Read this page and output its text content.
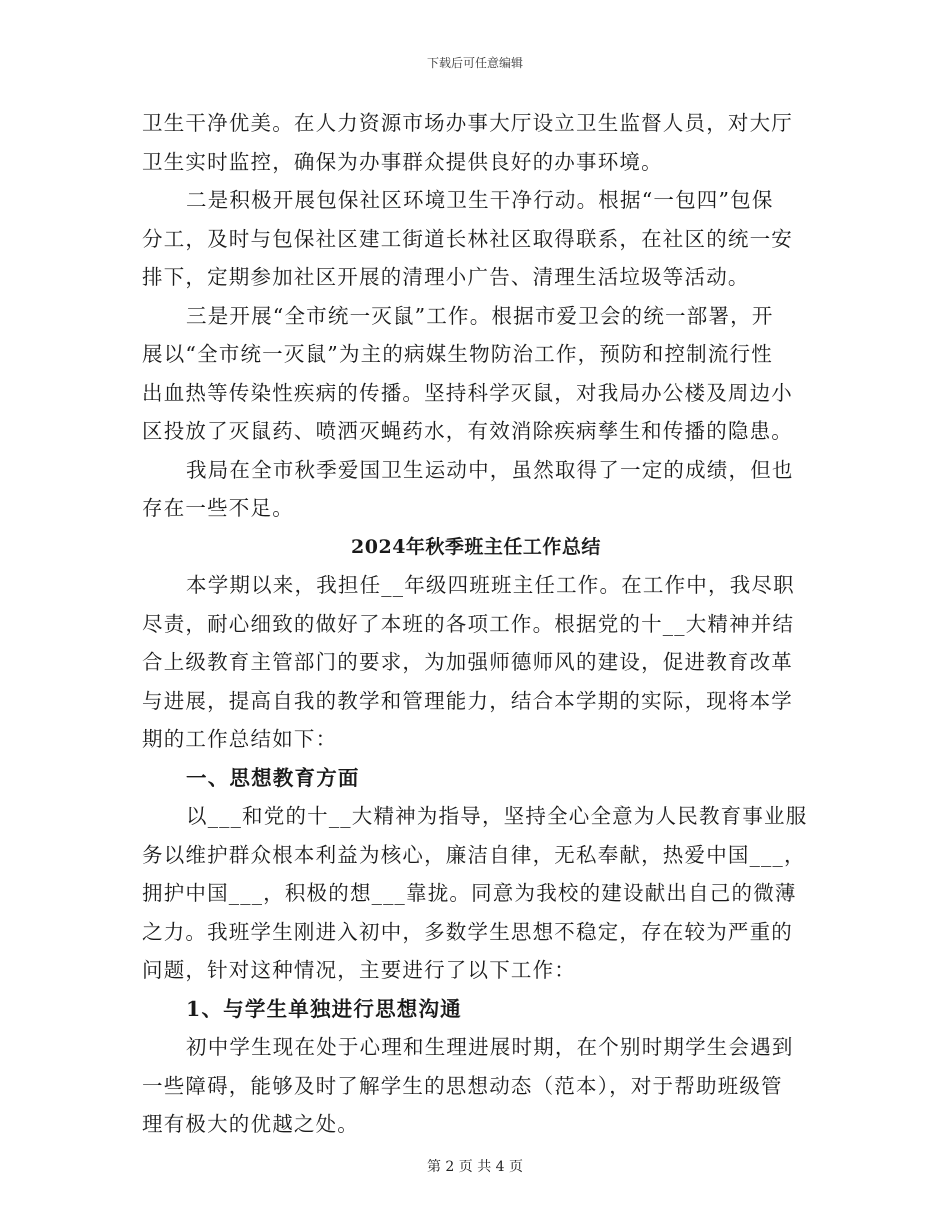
下载后可任意编辑
卫生干净优美。在人力资源市场办事大厅设立卫生监督人员，对大厅
卫生实时监控，确保为办事群众提供良好的办事环境。
二是积极开展包保社区环境卫生干净行动。根据“一包四”包保
分工，及时与包保社区建工街道长林社区取得联系，在社区的统一安
排下，定期参加社区开展的清理小广告、清理生活垃圾等活动。
三是开展“全市统一灭鼠”工作。根据市爱卫会的统一部署，开
展以“全市统一灭鼠”为主的病媒生物防治工作，预防和控制流行性
出血热等传染性疾病的传播。坚持科学灭鼠，对我局办公楼及周边小
区投放了灭鼠药、喷洒灭蝇药水，有效消除疾病孳生和传播的隐患。
我局在全市秋季爱国卫生运动中，虽然取得了一定的成绩，但也
存在一些不足。
2024年秋季班主任工作总结
本学期以来，我担任__年级四班班主任工作。在工作中，我尽职
尽责，耐心细致的做好了本班的各项工作。根据党的十__大精神并结
合上级教育主管部门的要求，为加强师德师风的建设，促进教育改革
与进展，提高自我的教学和管理能力，结合本学期的实际，现将本学
期的工作总结如下：
一、思想教育方面
以___和党的十__大精神为指导，坚持全心全意为人民教育事业服
务以维护群众根本利益为核心，廉洁自律，无私奉献，热爱中国___，
拥护中国___，积极的想___靠拢。同意为我校的建设献出自己的微薄
之力。我班学生刚进入初中，多数学生思想不稳定，存在较为严重的
问题，针对这种情况，主要进行了以下工作：
1、与学生单独进行思想沟通
初中学生现在处于心理和生理进展时期，在个别时期学生会遇到
一些障碍，能够及时了解学生的思想动态（范本），对于帮助班级管
理有极大的优越之处。
第 2 页 共 4 页
